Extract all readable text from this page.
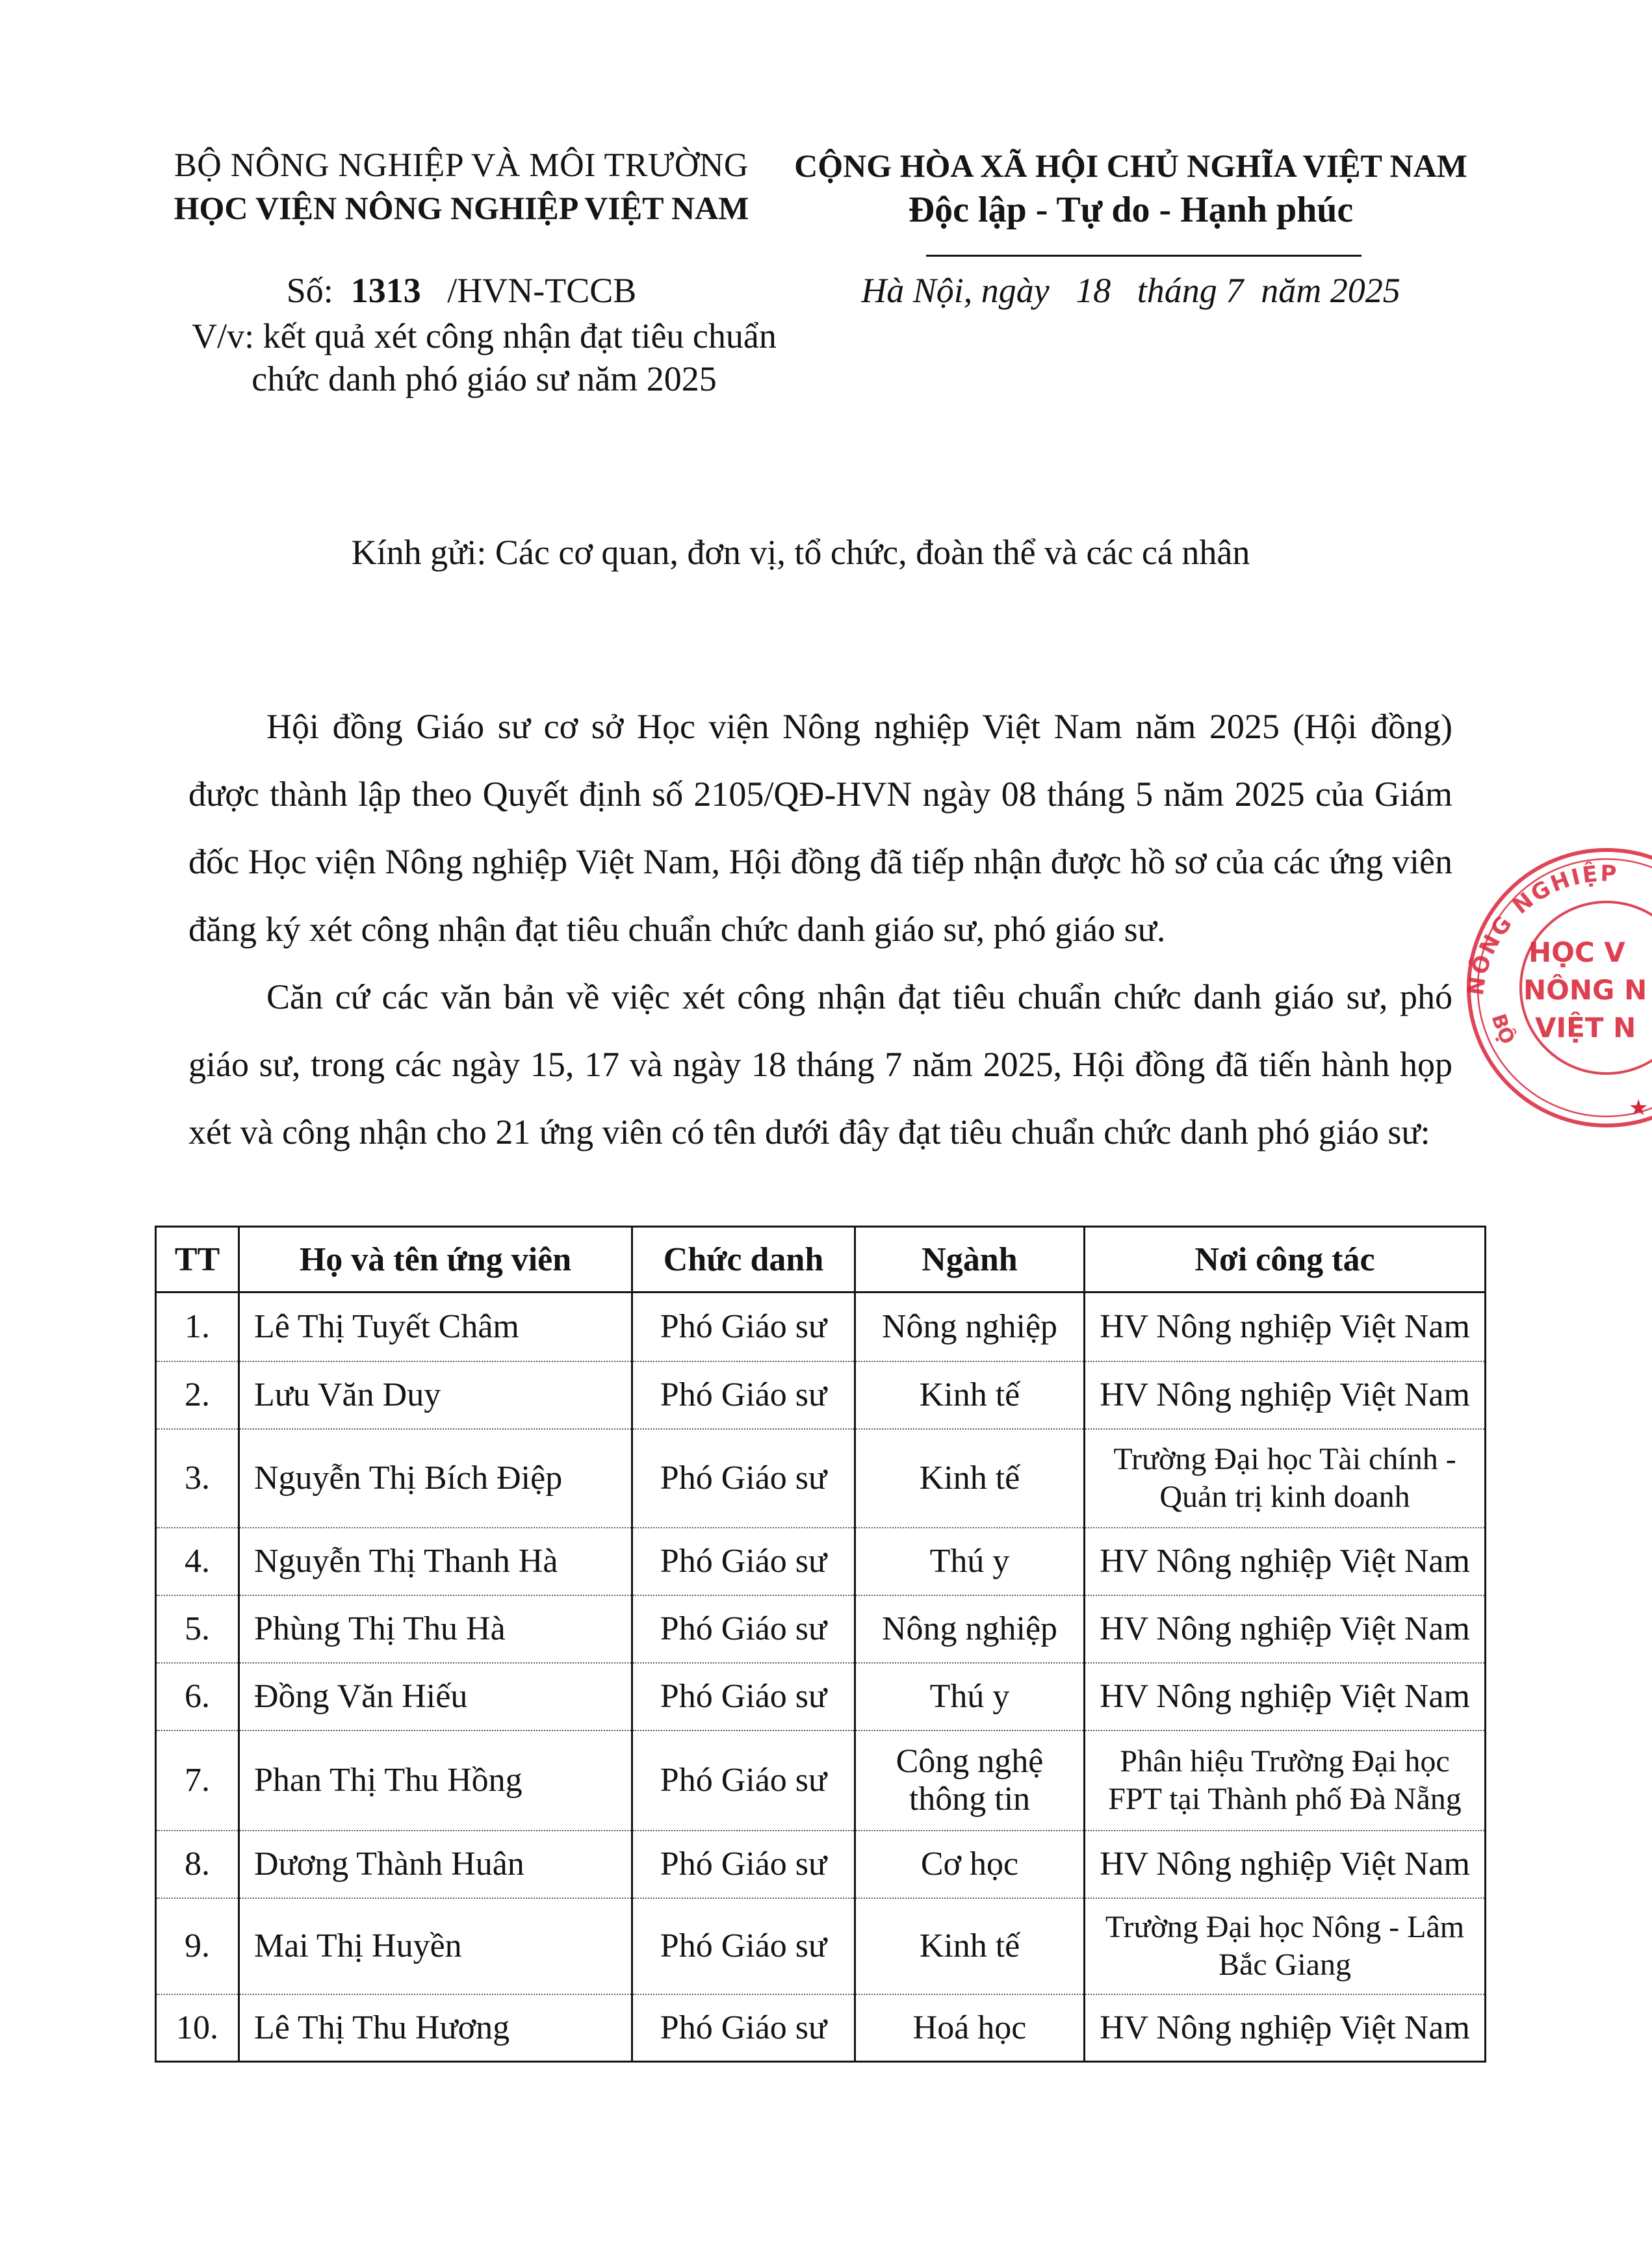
BỘ NÔNG NGHIỆP VÀ MÔI TRƯỜNG
HỌC VIỆN NÔNG NGHIỆP VIỆT NAM
CỘNG HÒA XÃ HỘI CHỦ NGHĨA VIỆT NAM
Độc lập - Tự do - Hạnh phúc
Số: 1313 /HVN-TCCB
V/v: kết quả xét công nhận đạt tiêu chuẩn
chức danh phó giáo sư năm 2025
Hà Nội, ngày   18   tháng 7  năm 2025
Kính gửi: Các cơ quan, đơn vị, tổ chức, đoàn thể và các cá nhân
Hội đồng Giáo sư cơ sở Học viện Nông nghiệp Việt Nam năm 2025 (Hội đồng) được thành lập theo Quyết định số 2105/QĐ-HVN ngày 08 tháng 5 năm 2025 của Giám đốc Học viện Nông nghiệp Việt Nam, Hội đồng đã tiếp nhận được hồ sơ của các ứng viên đăng ký xét công nhận đạt tiêu chuẩn chức danh giáo sư, phó giáo sư.
Căn cứ các văn bản về việc xét công nhận đạt tiêu chuẩn chức danh giáo sư, phó giáo sư, trong các ngày 15, 17 và ngày 18 tháng 7 năm 2025, Hội đồng đã tiến hành họp xét và công nhận cho 21 ứng viên có tên dưới đây đạt tiêu chuẩn chức danh phó giáo sư:
TT	Họ và tên ứng viên	Chức danh	Ngành	Nơi công tác
1.	Lê Thị Tuyết Châm	Phó Giáo sư	Nông nghiệp	HV Nông nghiệp Việt Nam
2.	Lưu Văn Duy	Phó Giáo sư	Kinh tế	HV Nông nghiệp Việt Nam
3.	Nguyễn Thị Bích Điệp	Phó Giáo sư	Kinh tế	Trường Đại học Tài chính - Quản trị kinh doanh
4.	Nguyễn Thị Thanh Hà	Phó Giáo sư	Thú y	HV Nông nghiệp Việt Nam
5.	Phùng Thị Thu Hà	Phó Giáo sư	Nông nghiệp	HV Nông nghiệp Việt Nam
6.	Đồng Văn Hiếu	Phó Giáo sư	Thú y	HV Nông nghiệp Việt Nam
7.	Phan Thị Thu Hồng	Phó Giáo sư	Công nghệ thông tin	Phân hiệu Trường Đại học FPT tại Thành phố Đà Nẵng
8.	Dương Thành Huân	Phó Giáo sư	Cơ học	HV Nông nghiệp Việt Nam
9.	Mai Thị Huyền	Phó Giáo sư	Kinh tế	Trường Đại học Nông - Lâm Bắc Giang
10.	Lê Thị Thu Hương	Phó Giáo sư	Hoá học	HV Nông nghiệp Việt Nam
NÔNG NGHIỆP
BỘ
HỌC V
NÔNG N
VIỆT N
★
